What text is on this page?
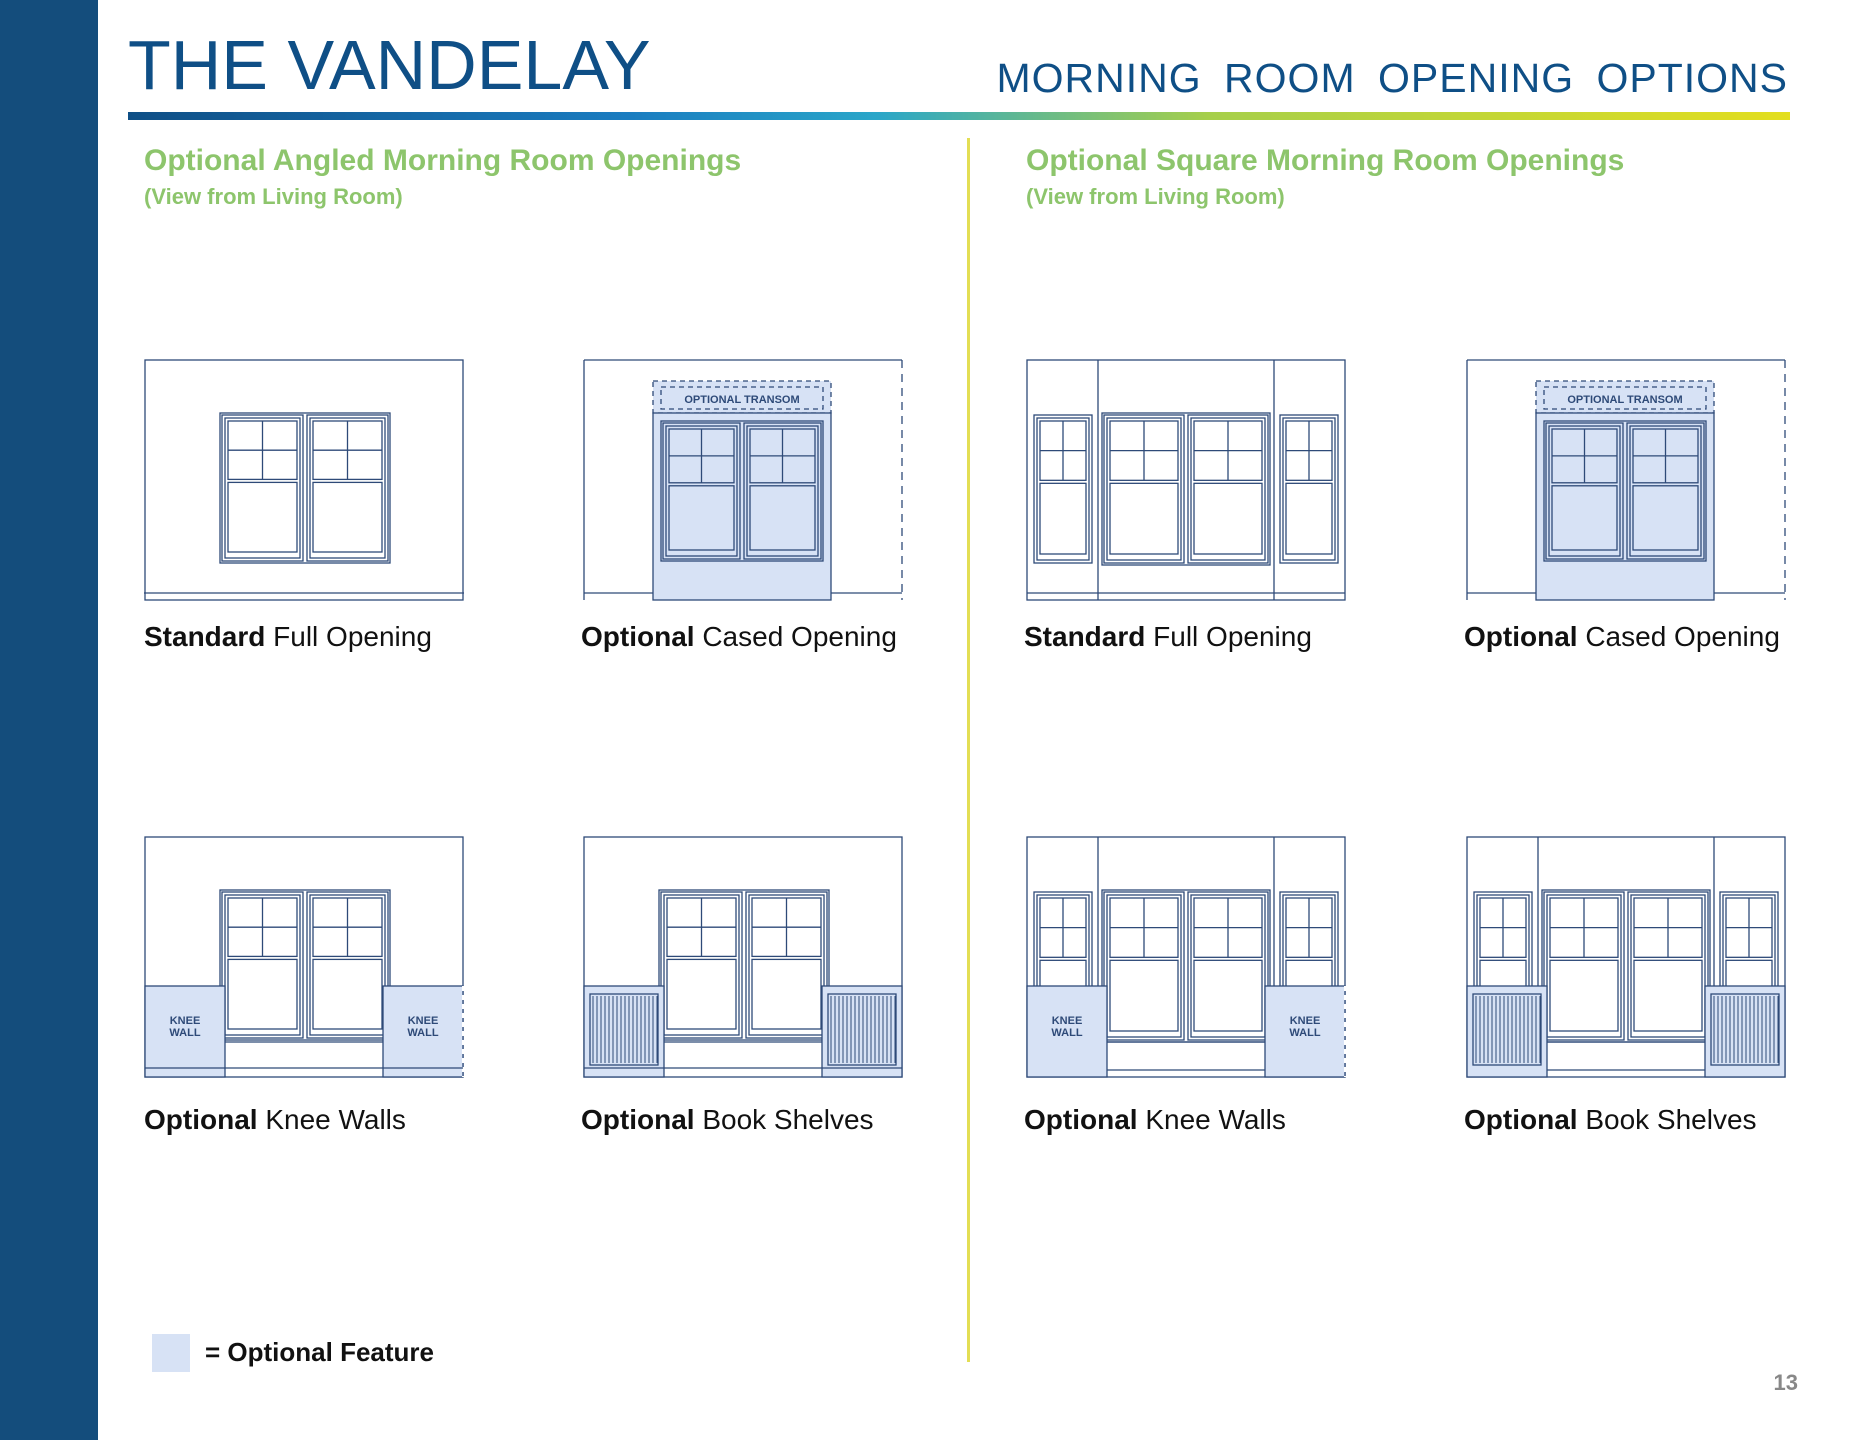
THE VANDELAY	MORNING ROOM OPENING OPTIONS
Optional Angled Morning Room Openings
(View from Living Room)
Optional Square Morning Room Openings
(View from Living Room)
OPTIONAL TRANSOM
KNEE
WALL
KNEE
WALL
OPTIONAL TRANSOM
KNEE
WALL
KNEE
WALL
Standard Full Opening	Optional Cased Opening
Optional Knee Walls	Optional Book Shelves
Standard Full Opening	Optional Cased Opening
Optional Knee Walls	Optional Book Shelves
= Optional Feature
13
